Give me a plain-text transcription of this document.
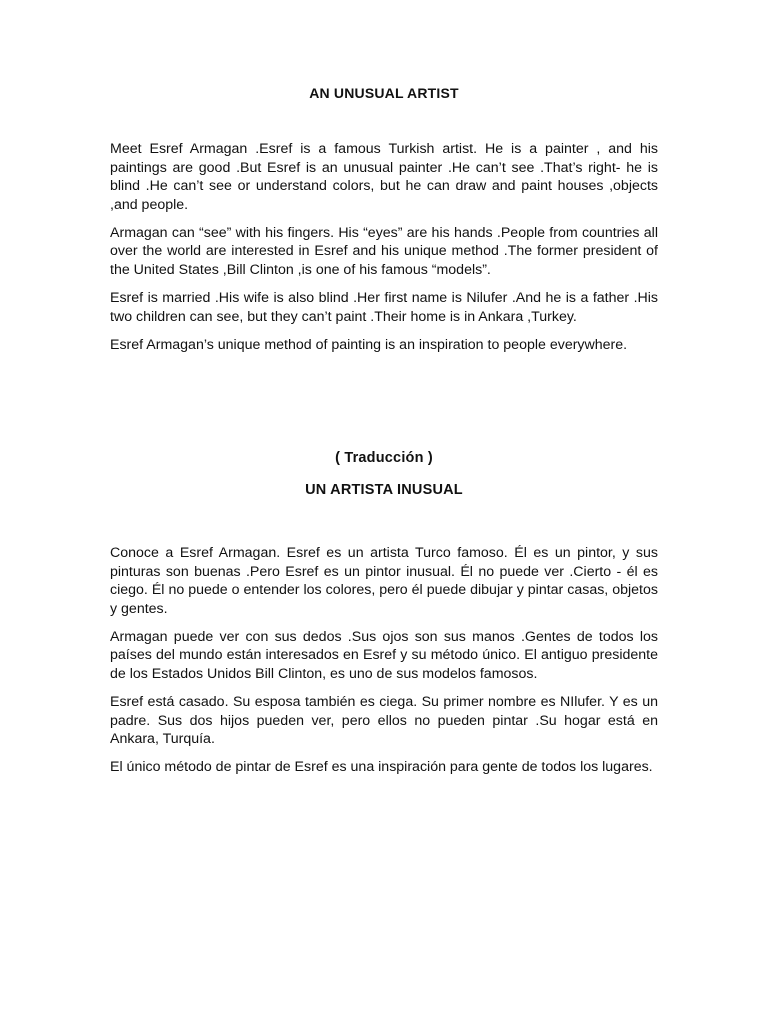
AN UNUSUAL ARTIST

Meet Esref Armagan .Esref is a famous Turkish artist. He is a painter , and his paintings are good .But Esref is an unusual painter .He can’t see .That’s right- he is blind .He can’t see or understand colors, but he can draw and paint houses ,objects ,and people.

Armagan can “see” with his fingers. His “eyes” are his hands .People from countries all over the world are interested in Esref and his unique method .The former president of the United States ,Bill Clinton ,is one of his famous “models”.

Esref is married .His wife is also blind .Her first name is Nilufer .And he is a father .His two children can see, but they can’t paint .Their home is in Ankara ,Turkey.

Esref Armagan’s unique method of painting is an inspiration to people everywhere.

( Traducción )
UN ARTISTA INUSUAL

Conoce a Esref Armagan. Esref es un artista Turco famoso. Él es un pintor, y sus pinturas son buenas .Pero Esref es un pintor inusual. Él no puede ver .Cierto - él es ciego. Él no puede o entender los colores, pero él puede dibujar y pintar casas, objetos y gentes.

Armagan puede ver con sus dedos .Sus ojos son sus manos .Gentes de todos los países del mundo están interesados en Esref y su método único. El antiguo presidente de los Estados Unidos Bill Clinton, es uno de sus modelos famosos.

Esref está casado. Su esposa también es ciega. Su primer nombre es NIlufer. Y es un padre. Sus dos hijos pueden ver, pero ellos no pueden pintar .Su hogar está en Ankara, Turquía.

El único método de pintar de Esref es una inspiración para gente de todos los lugares.
